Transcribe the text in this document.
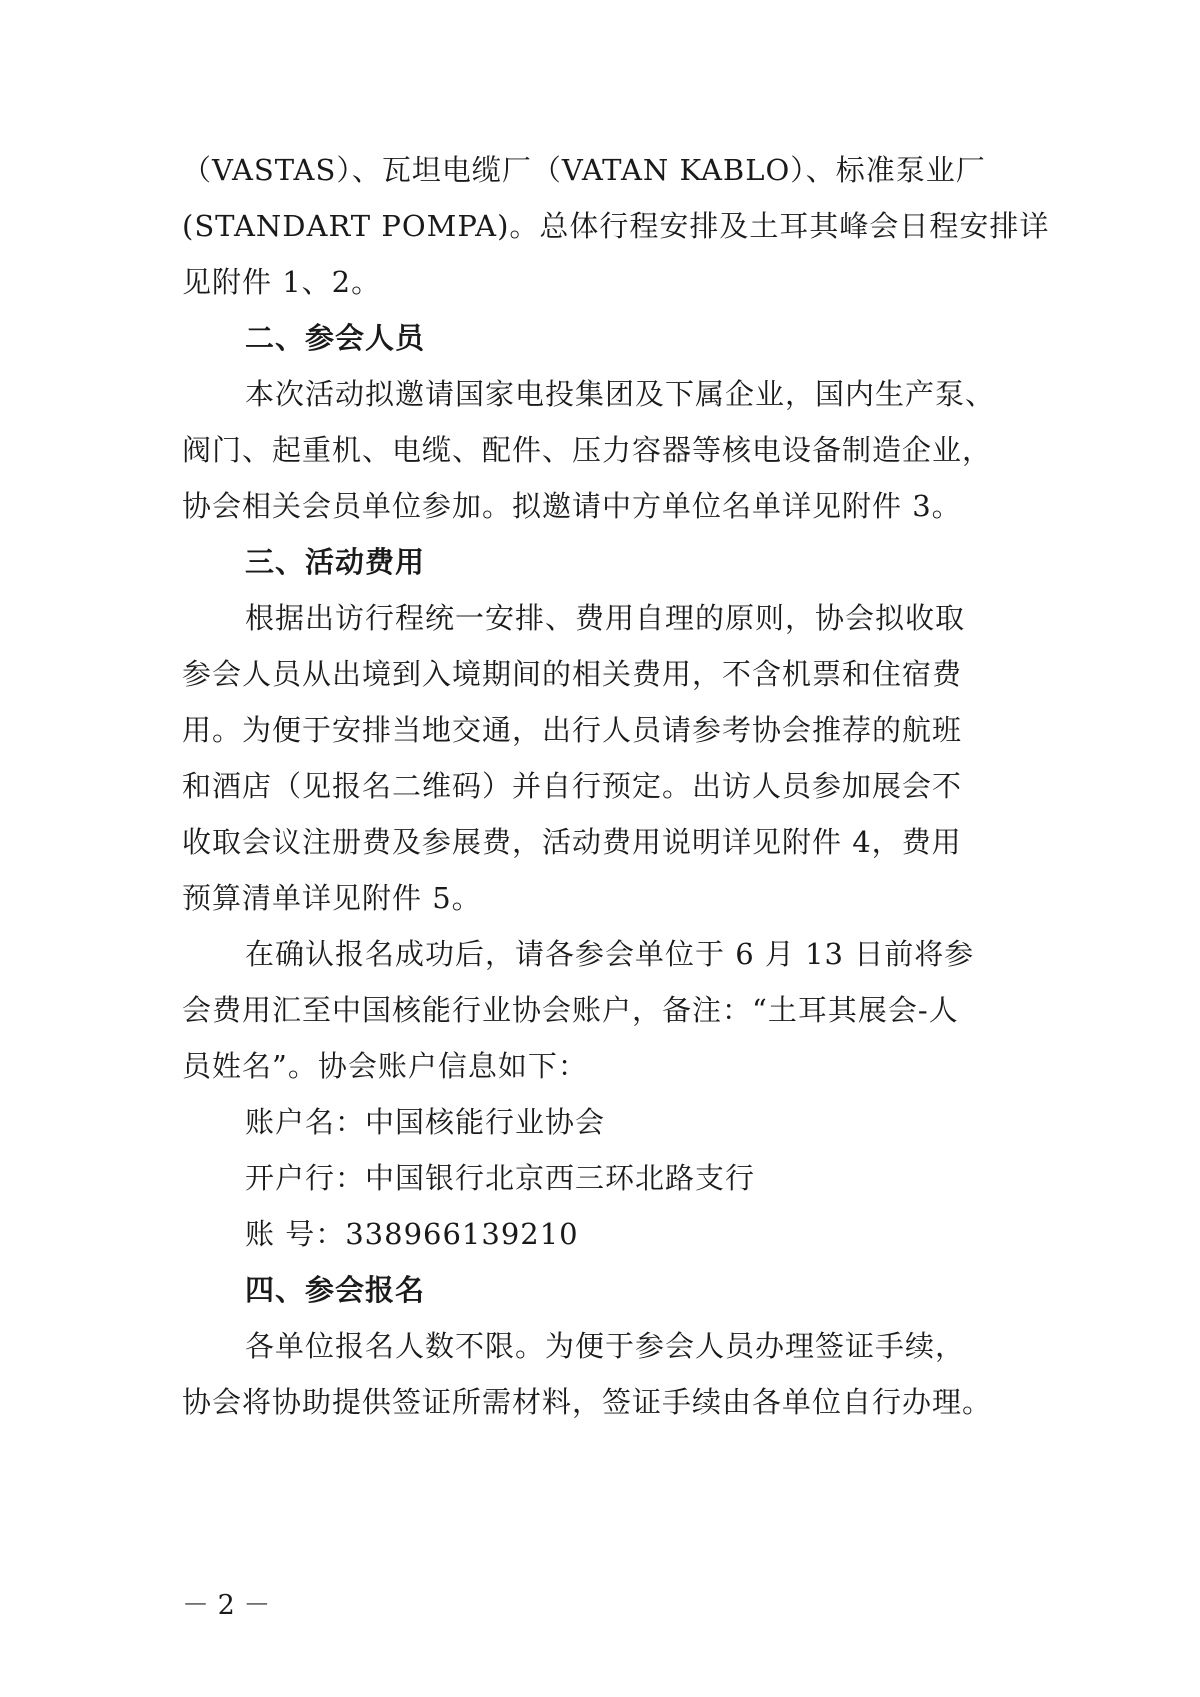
（VASTAS）、瓦坦电缆厂（VATAN KABLO）、标准泵业厂
(STANDART POMPA)。总体行程安排及土耳其峰会日程安排详
见附件 1、2。
二、参会人员
本次活动拟邀请国家电投集团及下属企业，国内生产泵、
阀门、起重机、电缆、配件、压力容器等核电设备制造企业，
协会相关会员单位参加。拟邀请中方单位名单详见附件 3。
三、活动费用
根据出访行程统一安排、费用自理的原则，协会拟收取
参会人员从出境到入境期间的相关费用，不含机票和住宿费
用。为便于安排当地交通，出行人员请参考协会推荐的航班
和酒店（见报名二维码）并自行预定。出访人员参加展会不
收取会议注册费及参展费，活动费用说明详见附件 4，费用
预算清单详见附件 5。
在确认报名成功后，请各参会单位于 6 月 13 日前将参
会费用汇至中国核能行业协会账户，备注：“土耳其展会-人
员姓名”。协会账户信息如下：
账户名：中国核能行业协会
开户行：中国银行北京西三环北路支行
账 号：338966139210
四、参会报名
各单位报名人数不限。为便于参会人员办理签证手续，
协会将协助提供签证所需材料，签证手续由各单位自行办理。
－ 2 －
